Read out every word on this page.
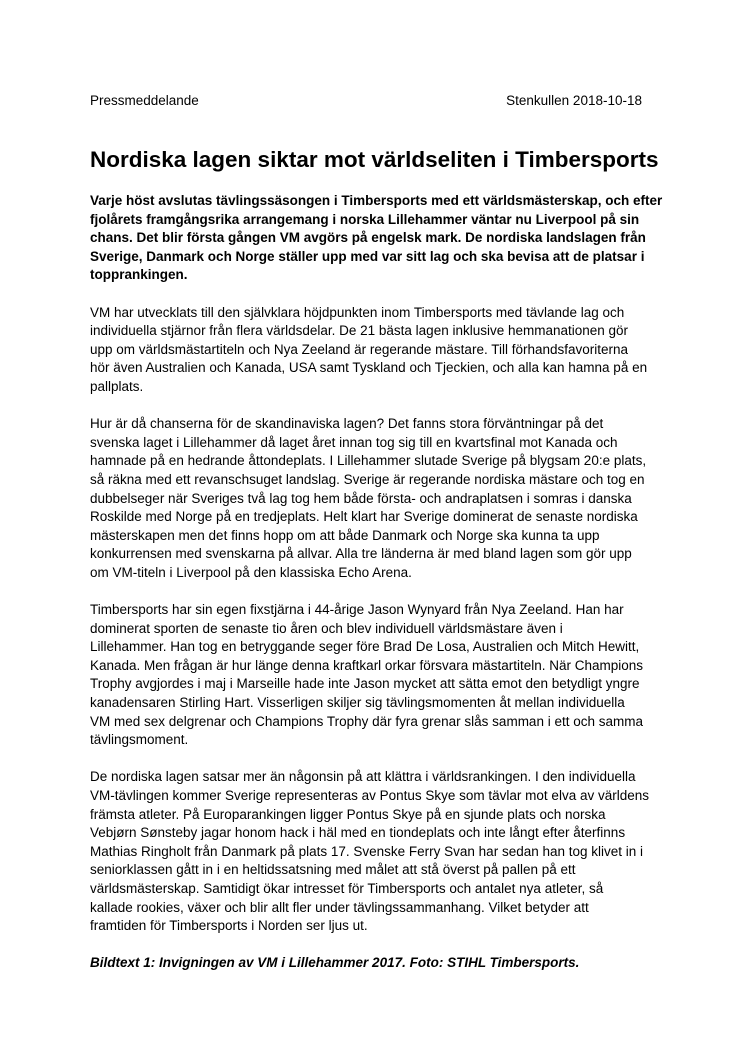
Pressmeddelande	Stenkullen 2018-10-18
Nordiska lagen siktar mot världseliten i Timbersports
Varje höst avslutas tävlingssäsongen i Timbersports med ett världsmästerskap, och efter
fjolårets framgångsrika arrangemang i norska Lillehammer väntar nu Liverpool på sin
chans. Det blir första gången VM avgörs på engelsk mark. De nordiska landslagen från
Sverige, Danmark och Norge ställer upp med var sitt lag och ska bevisa att de platsar i
topprankingen.
VM har utvecklats till den självklara höjdpunkten inom Timbersports med tävlande lag och
individuella stjärnor från flera världsdelar. De 21 bästa lagen inklusive hemmanationen gör
upp om världsmästartiteln och Nya Zeeland är regerande mästare. Till förhandsfavoriterna
hör även Australien och Kanada, USA samt Tyskland och Tjeckien, och alla kan hamna på en
pallplats.
Hur är då chanserna för de skandinaviska lagen? Det fanns stora förväntningar på det
svenska laget i Lillehammer då laget året innan tog sig till en kvartsfinal mot Kanada och
hamnade på en hedrande åttondeplats. I Lillehammer slutade Sverige på blygsam 20:e plats,
så räkna med ett revanschsuget landslag. Sverige är regerande nordiska mästare och tog en
dubbelseger när Sveriges två lag tog hem både första- och andraplatsen i somras i danska
Roskilde med Norge på en tredjeplats. Helt klart har Sverige dominerat de senaste nordiska
mästerskapen men det finns hopp om att både Danmark och Norge ska kunna ta upp
konkurrensen med svenskarna på allvar. Alla tre länderna är med bland lagen som gör upp
om VM-titeln i Liverpool på den klassiska Echo Arena.
Timbersports har sin egen fixstjärna i 44-årige Jason Wynyard från Nya Zeeland. Han har
dominerat sporten de senaste tio åren och blev individuell världsmästare även i
Lillehammer. Han tog en betryggande seger före Brad De Losa, Australien och Mitch Hewitt,
Kanada. Men frågan är hur länge denna kraftkarl orkar försvara mästartiteln. När Champions
Trophy avgjordes i maj i Marseille hade inte Jason mycket att sätta emot den betydligt yngre
kanadensaren Stirling Hart. Visserligen skiljer sig tävlingsmomenten åt mellan individuella
VM med sex delgrenar och Champions Trophy där fyra grenar slås samman i ett och samma
tävlingsmoment.
De nordiska lagen satsar mer än någonsin på att klättra i världsrankingen. I den individuella
VM-tävlingen kommer Sverige representeras av Pontus Skye som tävlar mot elva av världens
främsta atleter. På Europarankingen ligger Pontus Skye på en sjunde plats och norska
Vebjørn Sønsteby jagar honom hack i häl med en tiondeplats och inte långt efter återfinns
Mathias Ringholt från Danmark på plats 17. Svenske Ferry Svan har sedan han tog klivet in i
seniorklassen gått in i en heltidssatsning med målet att stå överst på pallen på ett
världsmästerskap. Samtidigt ökar intresset för Timbersports och antalet nya atleter, så
kallade rookies, växer och blir allt fler under tävlingssammanhang. Vilket betyder att
framtiden för Timbersports i Norden ser ljus ut.
Bildtext 1: Invigningen av VM i Lillehammer 2017. Foto: STIHL Timbersports.
